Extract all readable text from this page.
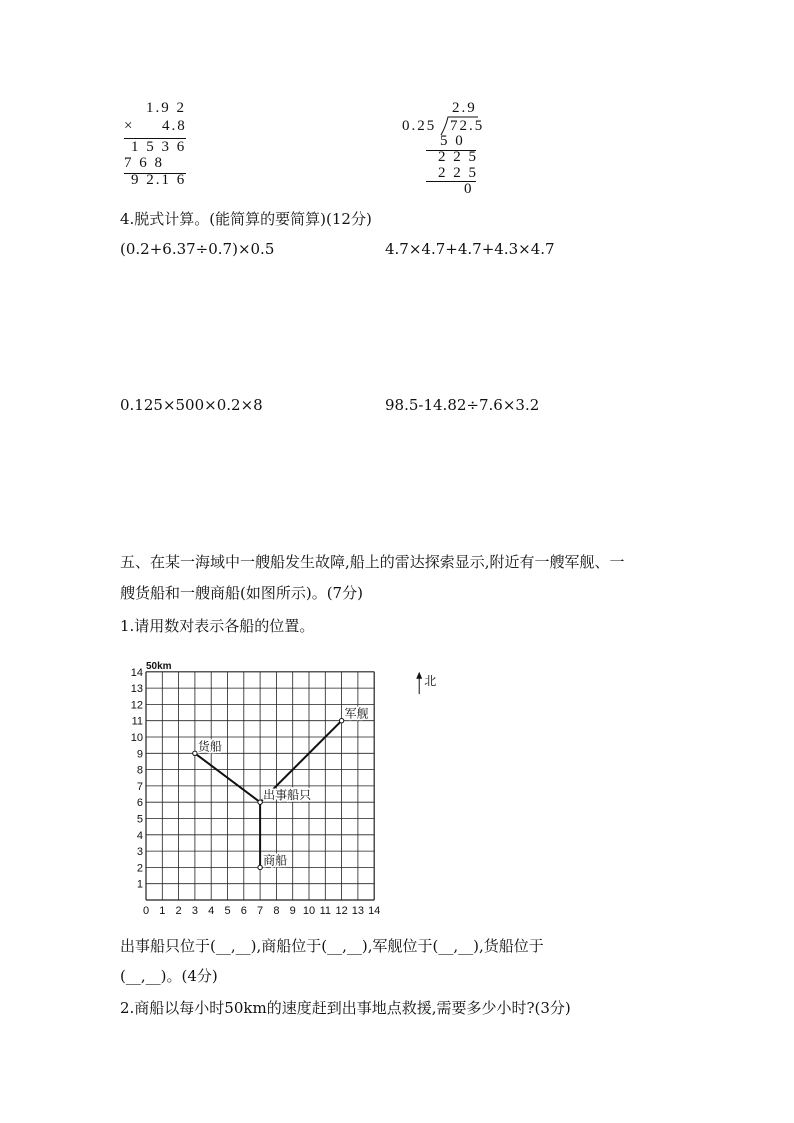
1.9 2
× 4.8
1 5 3 6
7 6 8
9 2.1 6
2.9
0.25 72.5
5 0
2 2 5
2 2 5
0
4.脱式计算。(能简算的要简算)(12分)
(0.2+6.37÷0.7)×0.5	4.7×4.7+4.7+4.3×4.7
0.125×500×0.2×8	98.5-14.82÷7.6×3.2
五、在某一海域中一艘船发生故障,船上的雷达探索显示,附近有一艘军舰、一
艘货船和一艘商船(如图所示)。(7分)
1.请用数对表示各船的位置。
0 1 2 3 4 5 6 7 8 9 10 11 12 13 14
1
2
3
4
5
6
7
8
9
10
11
12
13
14
50km
北
出事船只
货船
军舰
商船
出事船只位于(__,__),商船位于(__,__),军舰位于(__,__),货船位于
(__,__)。(4分)
2.商船以每小时50km的速度赶到出事地点救援,需要多少小时?(3分)
